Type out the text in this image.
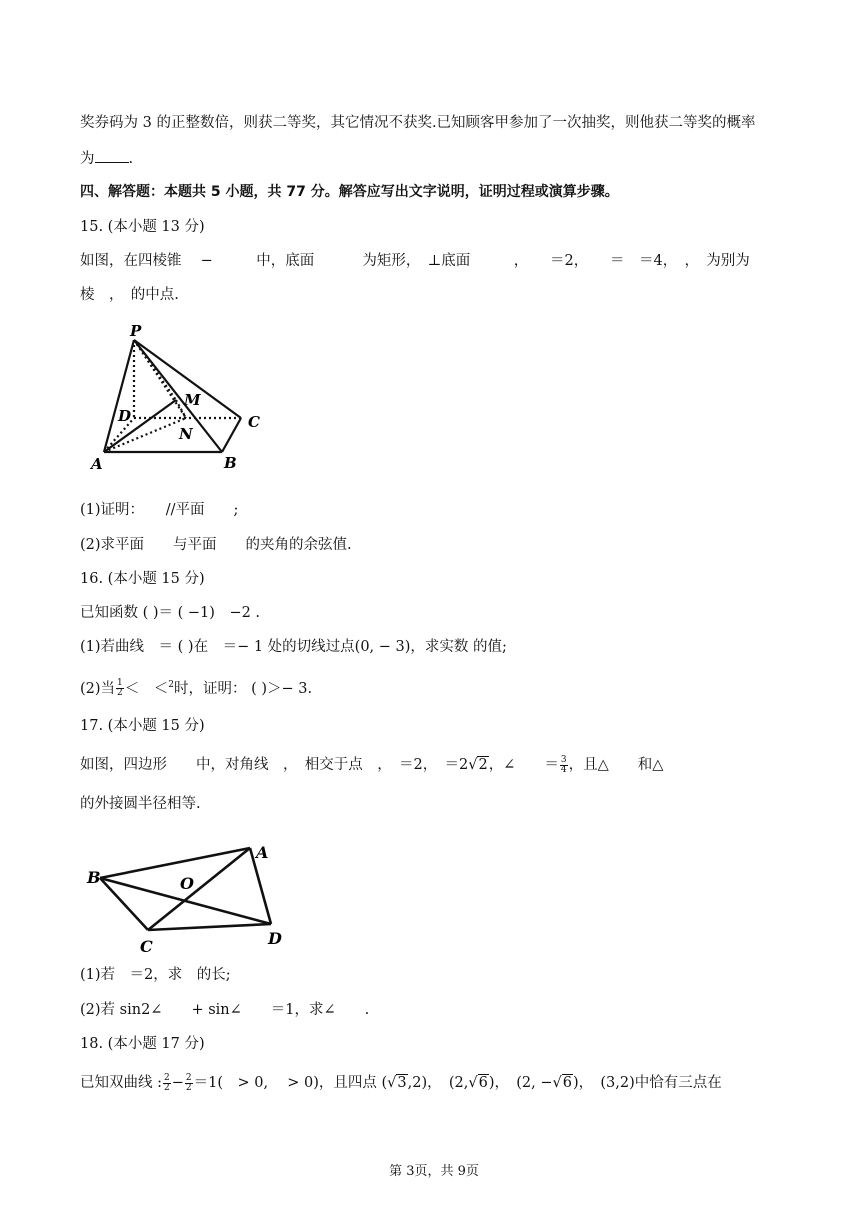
奖券码为 3 的正整数倍，则获二等奖，其它情况不获奖.已知顾客甲参加了一次抽奖，则他获二等奖的概率
为 .
四、解答题：本题共 5 小题，共 77 分。解答应写出文字说明，证明过程或演算步骤。
15. (本小题 13 分)
如图，在四棱锥 　−　　　中，底面 　　　为矩形，　⊥底面　　　，　　＝2，　　＝　＝4，　，　为别为
棱　，　的中点.
P
M
D	C
N
A	B
(1)证明：　　//平面　　;
(2)求平面　　与平面　　的夹角的余弦值.
16. (本小题 15 分)
已知函数 ( )＝ ( −1)　−2 .
(1)若曲线　＝ ( )在　＝− 1 处的切线过点(0, − 3)，求实数 的值;
(2)当 $\frac{1}{2}$ ＜　＜$^2$时，证明： ( )＞− 3.
17. (本小题 15 分)
如图，四边形　　中，对角线　，　相交于点　，　＝2，　＝2√2，∠　　＝ $\frac{3}{4}$ ，且△　　和△
的外接圆半径相等.
A
B	O
C	D
(1)若　＝2，求　的长;
(2)若 sin2∠　　+ sin∠　　＝1，求∠　　.
18. (本小题 17 分)
已知双曲线 : $\frac{2}{2} - \frac{2}{2} =1$(　> 0, 　> 0)，且四点 (√3,2)，　(2,√6)，　(2, −√6)，　(3,2)中恰有三点在
第 3页，共 9页
